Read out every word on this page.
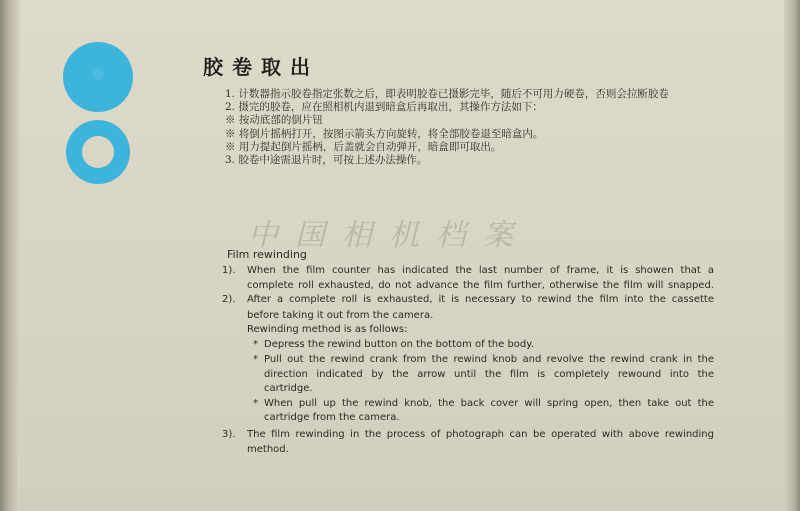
胶卷取出
1. 计数器指示胶卷指定张数之后，即表明胶卷已摄影完毕，随后不可用力硬卷，否则会拉断胶卷
2. 摄完的胶卷，应在照相机内退到暗盒后再取出，其操作方法如下：
※ 按动底部的倒片钮
※ 将倒片摇柄打开，按图示箭头方向旋转，将全部胶卷退至暗盒内。
※ 用力提起倒片摇柄，后盖就会自动弹开，暗盒即可取出。
3. 胶卷中途需退片时，可按上述办法操作。
中国相机档案
Film rewinding
1). When the film counter has indicated the last number of frame, it is showen that a
complete roll exhausted, do not advance the film further, otherwise the film will snapped.
2). After a complete roll is exhausted, it is necessary to rewind the film into the cassette
before taking it out from the camera.
Rewinding method is as follows:
* Depress the rewind button on the bottom of the body.
* Pull out the rewind crank from the rewind knob and revolve the rewind crank in the
direction indicated by the arrow until the film is completely rewound into the
cartridge.
* When pull up the rewind knob, the back cover will spring open, then take out the
cartridge from the camera.
3). The film rewinding in the process of photograph can be operated with above rewinding
method.
